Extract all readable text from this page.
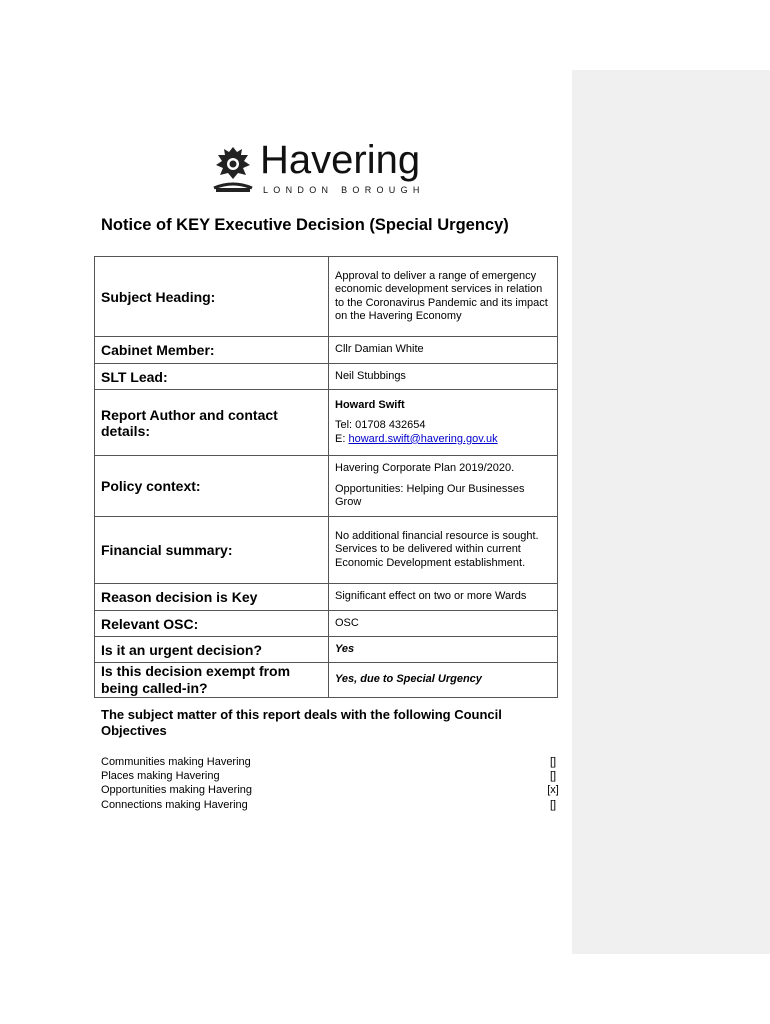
Havering
LONDON BOROUGH
Notice of KEY Executive Decision (Special Urgency)
Subject Heading:	Approval to deliver a range of emergency economic development services in relation to the Coronavirus Pandemic and its impact on the Havering Economy
Cabinet Member:	Cllr Damian White
SLT Lead:	Neil Stubbings
Report Author and contact details:	Howard Swift
Tel: 01708 432654
E: howard.swift@havering.gov.uk
Policy context:	Havering Corporate Plan 2019/2020.
Opportunities: Helping Our Businesses Grow
Financial summary:	No additional financial resource is sought. Services to be delivered within current Economic Development establishment.
Reason decision is Key	Significant effect on two or more Wards
Relevant OSC:	OSC
Is it an urgent decision?	Yes
Is this decision exempt from being called-in?	Yes, due to Special Urgency
The subject matter of this report deals with the following Council Objectives
Communities making Havering	[]
Places making Havering	[]
Opportunities making Havering	[x]
Connections making Havering	[]
